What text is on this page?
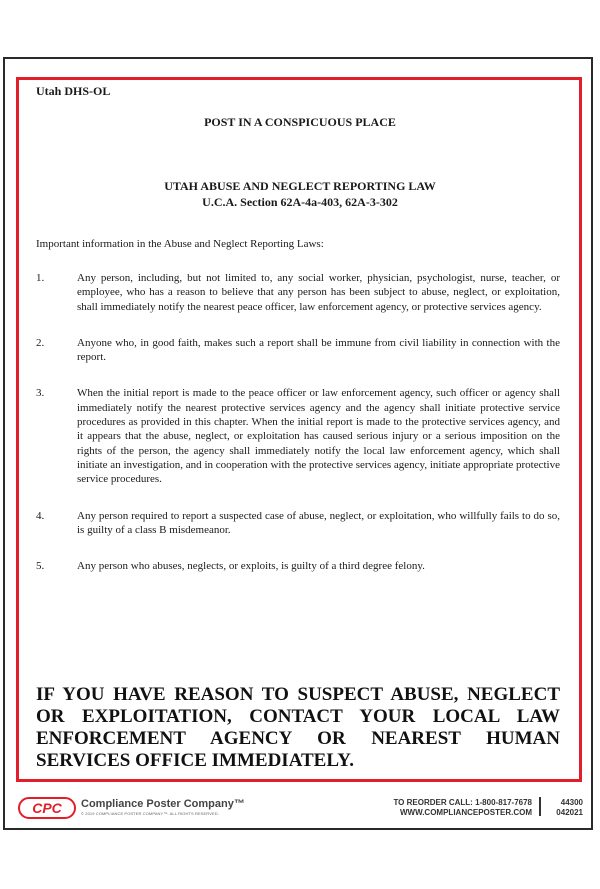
Utah DHS-OL
POST IN A CONSPICUOUS PLACE
UTAH ABUSE AND NEGLECT REPORTING LAW
U.C.A. Section 62A-4a-403, 62A-3-302
Important information in the Abuse and Neglect Reporting Laws:
1.	Any person, including, but not limited to, any social worker, physician, psychologist, nurse, teacher, or employee, who has a reason to believe that any person has been subject to abuse, neglect, or exploitation, shall immediately notify the nearest peace officer, law enforcement agency, or protective services agency.
2.	Anyone who, in good faith, makes such a report shall be immune from civil liability in connection with the report.
3.	When the initial report is made to the peace officer or law enforcement agency, such officer or agency shall immediately notify the nearest protective services agency and the agency shall initiate protective service procedures as provided in this chapter. When the initial report is made to the protective services agency, and it appears that the abuse, neglect, or exploitation has caused serious injury or a serious imposition on the rights of the person, the agency shall immediately notify the local law enforcement agency, which shall initiate an investigation, and in cooperation with the protective services agency, initiate appropriate protective service procedures.
4.	Any person required to report a suspected case of abuse, neglect, or exploitation, who willfully fails to do so, is guilty of a class B misdemeanor.
5.	Any person who abuses, neglects, or exploits, is guilty of a third degree felony.
IF YOU HAVE REASON TO SUSPECT ABUSE, NEGLECT OR EXPLOITATION, CONTACT YOUR LOCAL LAW ENFORCEMENT AGENCY OR NEAREST HUMAN SERVICES OFFICE IMMEDIATELY.
CPC Compliance Poster Company™
© 2019 COMPLIANCE POSTER COMPANY™. ALL RIGHTS RESERVED.
TO REORDER CALL: 1-800-817-7678
WWW.COMPLIANCEPOSTER.COM
44300
042021
